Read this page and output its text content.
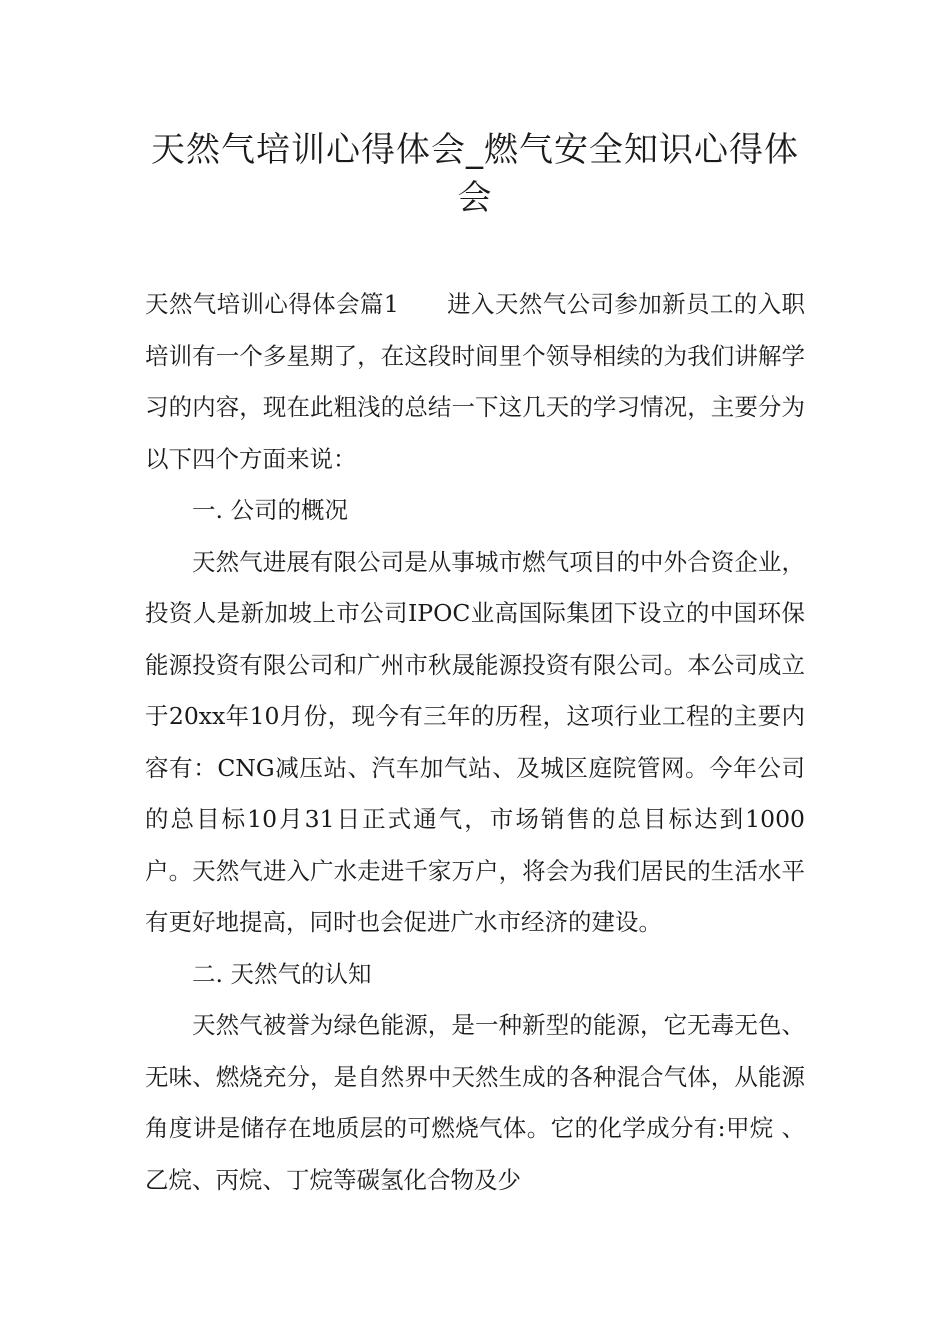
天然气培训心得体会_燃气安全知识心得体会

天然气培训心得体会篇1 进入天然气公司参加新员工的入职培训有一个多星期了，在这段时间里个领导相续的为我们讲解学习的内容，现在此粗浅的总结一下这几天的学习情况，主要分为以下四个方面来说：

一. 公司的概况

天然气进展有限公司是从事城市燃气项目的中外合资企业，投资人是新加坡上市公司IPOC业高国际集团下设立的中国环保能源投资有限公司和广州市秋晟能源投资有限公司。本公司成立于20xx年10月份，现今有三年的历程，这项行业工程的主要内容有：CNG减压站、汽车加气站、及城区庭院管网。今年公司的总目标10月31日正式通气，市场销售的总目标达到1000户。天然气进入广水走进千家万户，将会为我们居民的生活水平有更好地提高，同时也会促进广水市经济的建设。

二. 天然气的认知

天然气被誉为绿色能源，是一种新型的能源，它无毒无色、无味、燃烧充分，是自然界中天然生成的各种混合气体，从能源角度讲是储存在地质层的可燃烧气体。它的化学成分有:甲烷 、乙烷、丙烷、丁烷等碳氢化合物及少
